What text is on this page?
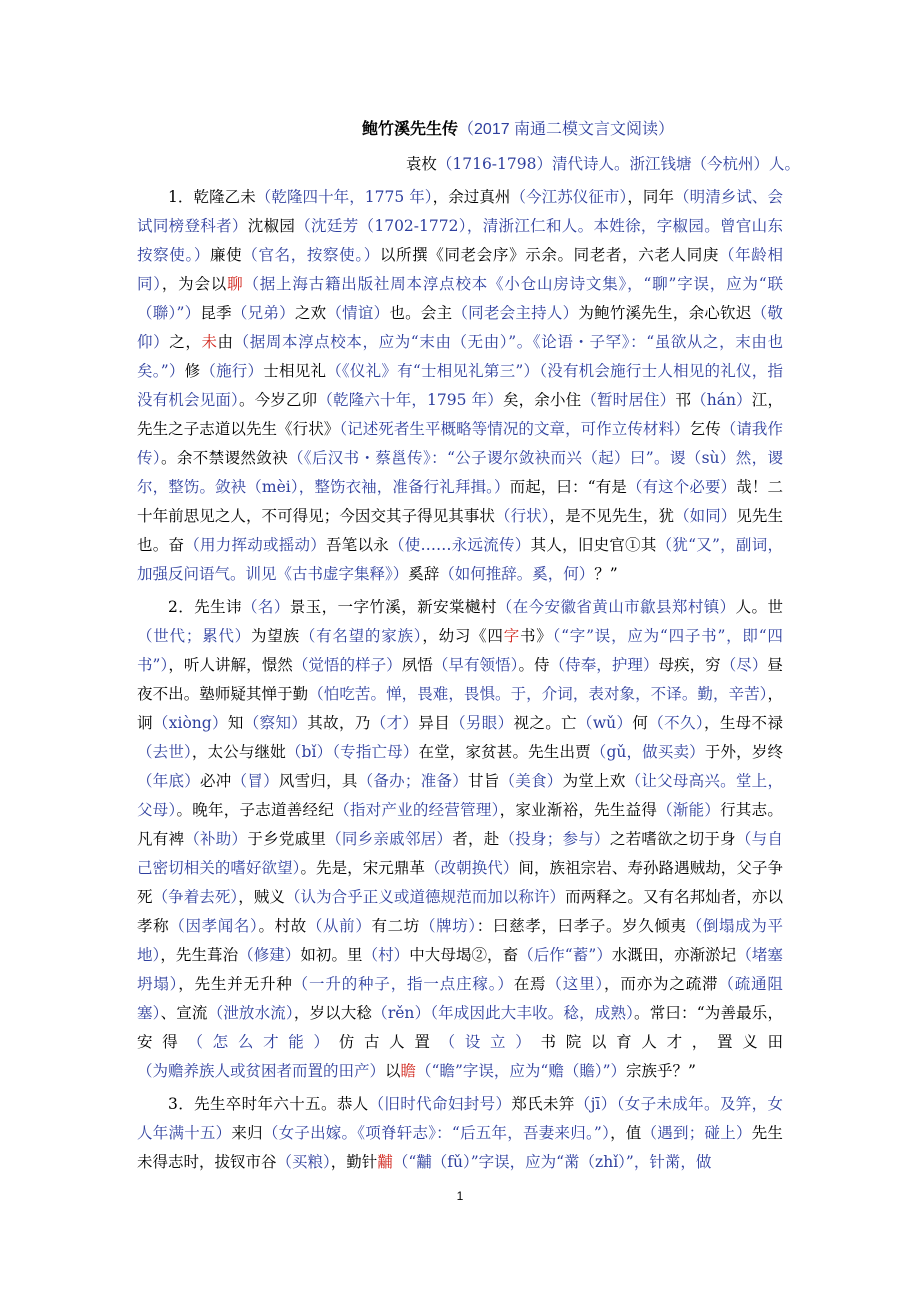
鲍竹溪先生传（2017 南通二模文言文阅读）
袁枚（1716-1798）清代诗人。浙江钱塘（今杭州）人。

1．乾隆乙未（乾隆四十年，1775 年），余过真州（今江苏仪征市），同年（明清乡试、会试同榜登科者）沈椒园（沈廷芳（1702-1772），清浙江仁和人。本姓徐，字椒园。曾官山东按察使。）廉使（官名，按察使。）以所撰《同老会序》示余。同老者，六老人同庚（年龄相同），为会以聊（据上海古籍出版社周本淳点校本《小仓山房诗文集》，“聊”字误，应为“联（聯）”）昆季（兄弟）之欢（情谊）也。会主（同老会主持人）为鲍竹溪先生，余心钦迟（敬仰）之，未由（据周本淳点校本，应为“末由（无由）”。《论语・子罕》：“虽欲从之，末由也矣。”）修（施行）士相见礼（《仪礼》有“士相见礼第三”）（没有机会施行士人相见的礼仪，指没有机会见面）。今岁乙卯（乾隆六十年，1795 年）矣，余小住（暂时居住）邗（hán）江，先生之子志道以先生《行状》（记述死者生平概略等情况的文章，可作立传材料）乞传（请我作传）。余不禁谡然敛袂（《后汉书・蔡邕传》：“公子谡尔敛袂而兴（起）曰”。谡（sù）然，谡尔，整饬。敛袂（mèi），整饬衣袖，准备行礼拜揖。）而起，曰：“有是（有这个必要）哉！二十年前思见之人，不可得见；今因交其子得见其事状（行状），是不见先生，犹（如同）见先生也。奋（用力挥动或摇动）吾笔以永（使……永远流传）其人，旧史官①其（犹“又”，副词，加强反问语气。训见《古书虚字集释》）奚辞（如何推辞。奚，何）？”

2．先生讳（名）景玉，一字竹溪，新安棠樾村（在今安徽省黄山市歙县郑村镇）人。世（世代；累代）为望族（有名望的家族），幼习《四字书》（“字”误，应为“四子书”，即“四书”），听人讲解，憬然（觉悟的样子）夙悟（早有领悟）。侍（侍奉，护理）母疾，穷（尽）昼夜不出。塾师疑其惮于勤（怕吃苦。惮，畏难，畏惧。于，介词，表对象，不译。勤，辛苦），诇（xiòng）知（察知）其故，乃（才）异目（另眼）视之。亡（wǔ）何（不久），生母不禄（去世），太公与继妣（bǐ）（专指亡母）在堂，家贫甚。先生出贾（gǔ，做买卖）于外，岁终（年底）必冲（冒）风雪归，具（备办；准备）甘旨（美食）为堂上欢（让父母高兴。堂上，父母）。晚年，子志道善经纪（指对产业的经营管理），家业渐裕，先生益得（渐能）行其志。凡有裨（补助）于乡党戚里（同乡亲戚邻居）者，赴（投身；参与）之若嗜欲之切于身（与自己密切相关的嗜好欲望）。先是，宋元鼎革（改朝换代）间，族祖宗岩、寿孙路遇贼劫，父子争死（争着去死），贼义（认为合乎正义或道德规范而加以称许）而两释之。又有名邦灿者，亦以孝称（因孝闻名）。村故（从前）有二坊（牌坊）：曰慈孝，曰孝子。岁久倾夷（倒塌成为平地），先生葺治（修建）如初。里（村）中大母堨②，畜（后作“蓄”）水溉田，亦渐淤圮（堵塞坍塌），先生并无升种（一升的种子，指一点庄稼。）在焉（这里），而亦为之疏滞（疏通阻塞）、宣流（泄放水流），岁以大稔（rěn）（年成因此大丰收。稔，成熟）。常曰：“为善最乐，安得（怎么才能）仿古人置（设立）书院以育人才，置义田（为赡养族人或贫困者而置的田产）以瞻（“瞻”字误，应为“赡（贍）”）宗族乎？”

3．先生卒时年六十五。恭人（旧时代命妇封号）郑氏未笄（jī）（女子未成年。及笄，女人年满十五）来归（女子出嫁。《项脊轩志》：“后五年，吾妻来归。”），值（遇到；碰上）先生未得志时，拔钗市谷（买粮），勤针黼（“黼（fǔ）”字误，应为“黹（zhǐ）”，针黹，做

1
